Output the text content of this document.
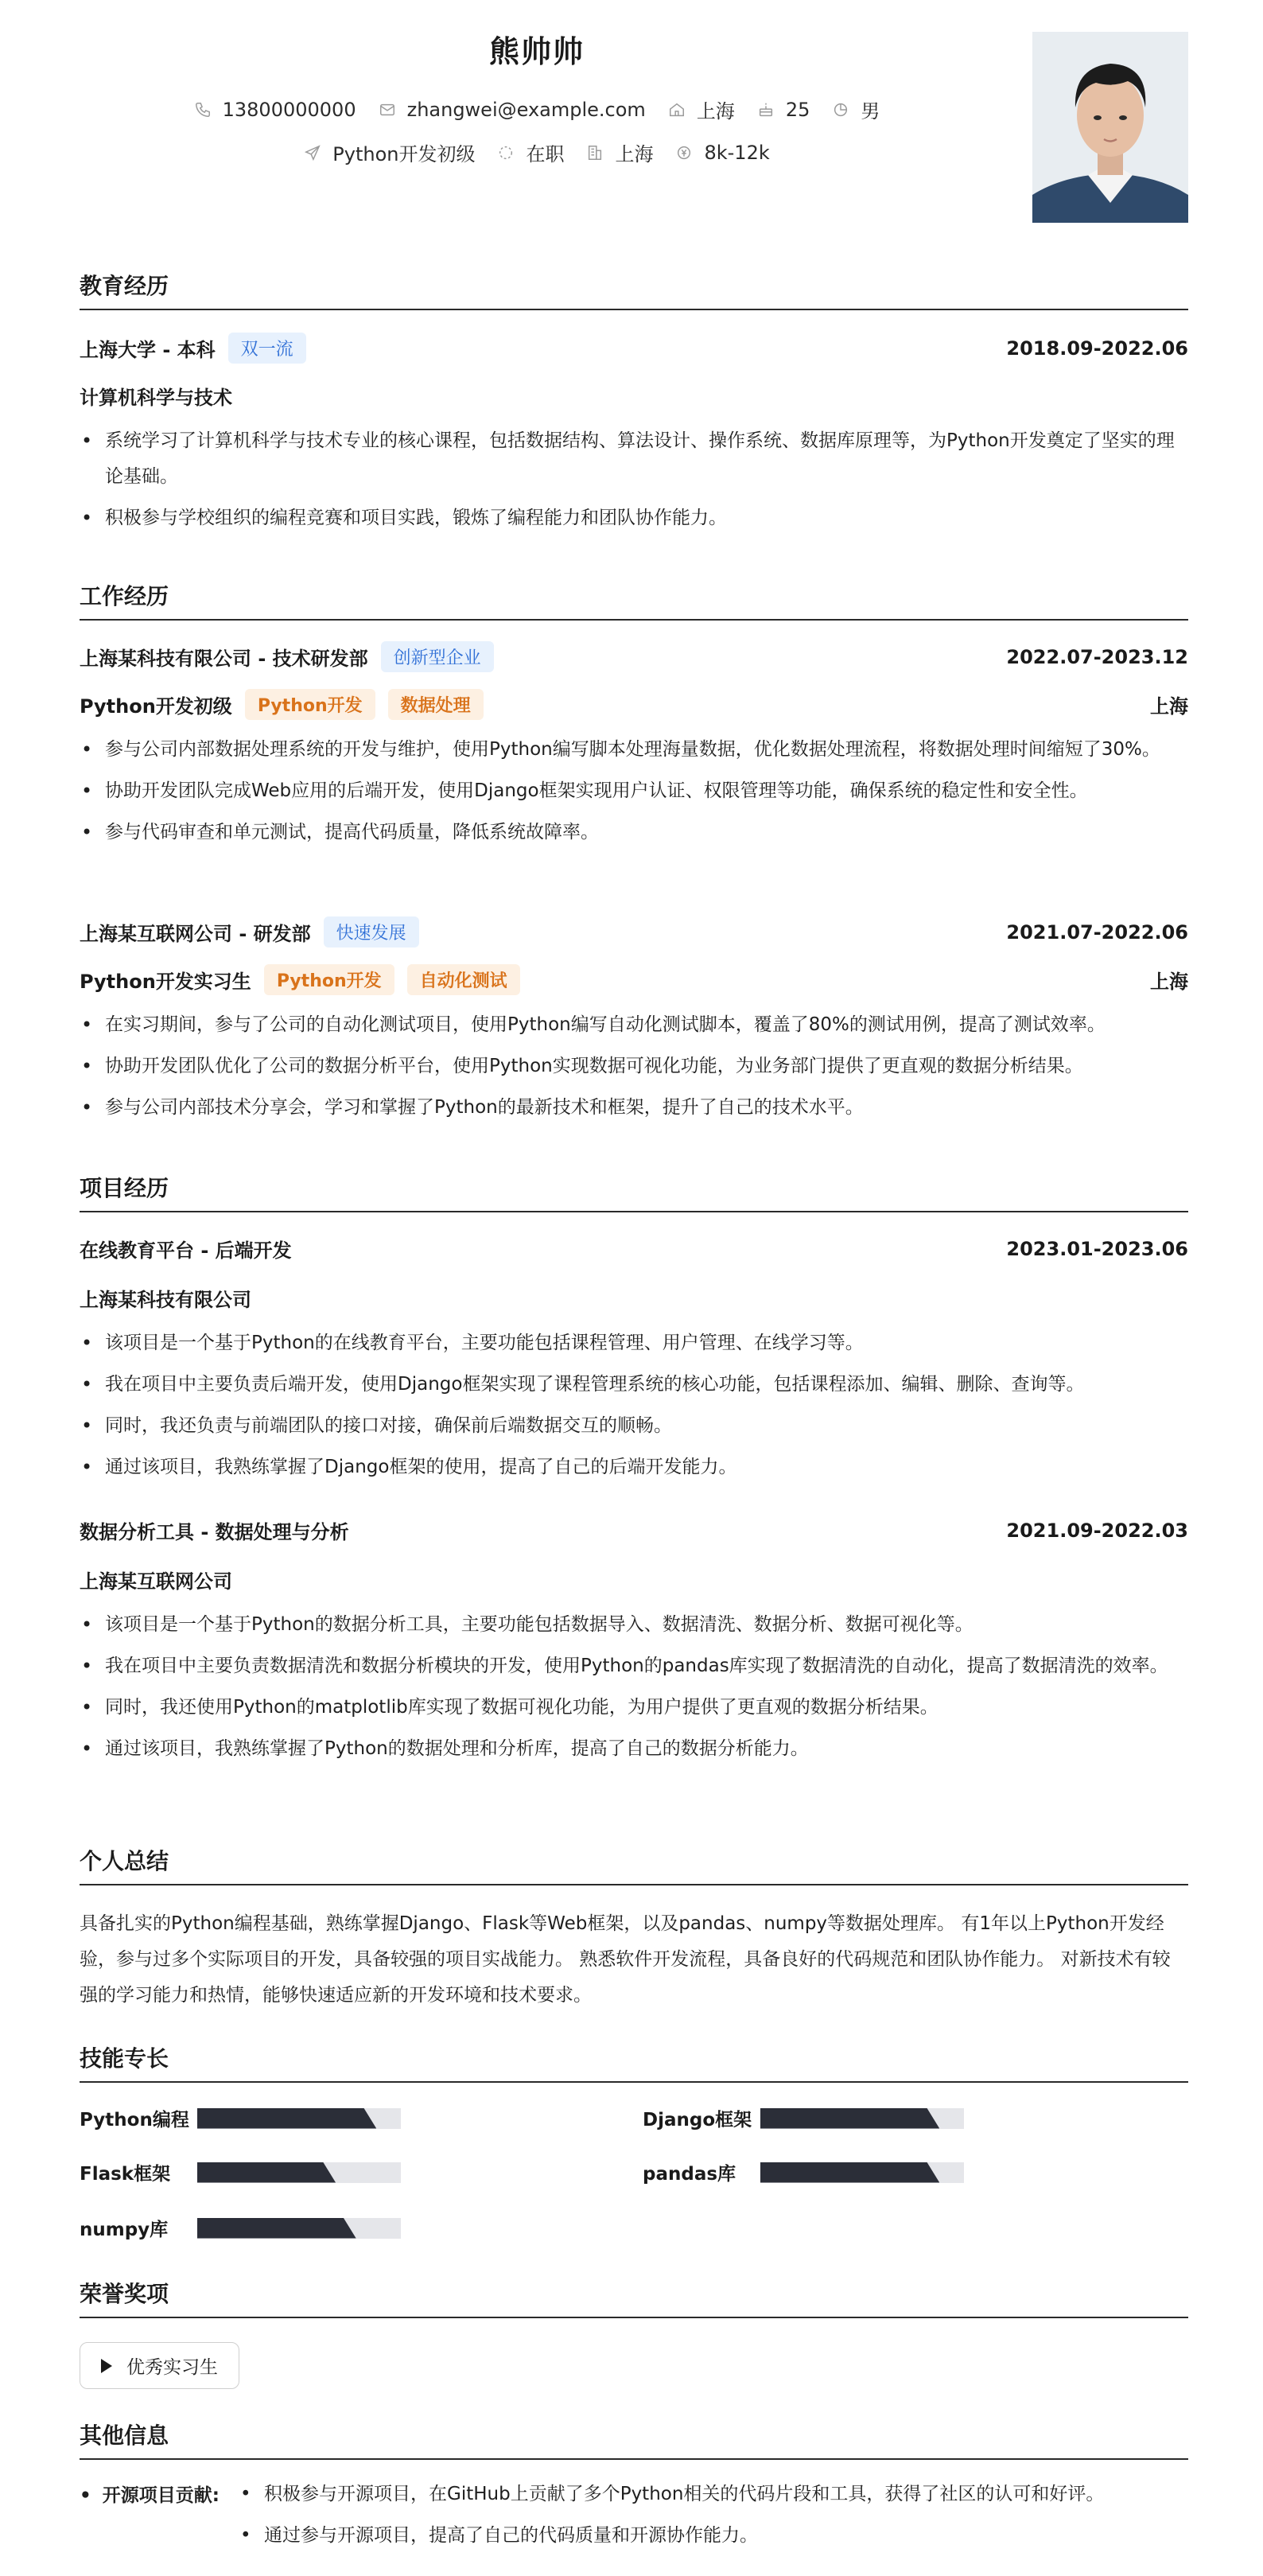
熊帅帅
13800000000	zhangwei@example.com	上海	25	男
Python开发初级	在职	上海	8k-12k
教育经历
上海大学 - 本科	双一流	2018.09-2022.06
计算机科学与技术
• 系统学习了计算机科学与技术专业的核心课程，包括数据结构、算法设计、操作系统、数据库原理等，为Python开发奠定了坚实的理论基础。
• 积极参与学校组织的编程竞赛和项目实践，锻炼了编程能力和团队协作能力。
工作经历
上海某科技有限公司 - 技术研发部	创新型企业	2022.07-2023.12
Python开发初级	Python开发	数据处理	上海
• 参与公司内部数据处理系统的开发与维护，使用Python编写脚本处理海量数据，优化数据处理流程，将数据处理时间缩短了30%。
• 协助开发团队完成Web应用的后端开发，使用Django框架实现用户认证、权限管理等功能，确保系统的稳定性和安全性。
• 参与代码审查和单元测试，提高代码质量，降低系统故障率。
上海某互联网公司 - 研发部	快速发展	2021.07-2022.06
Python开发实习生	Python开发	自动化测试	上海
• 在实习期间，参与了公司的自动化测试项目，使用Python编写自动化测试脚本，覆盖了80%的测试用例，提高了测试效率。
• 协助开发团队优化了公司的数据分析平台，使用Python实现数据可视化功能，为业务部门提供了更直观的数据分析结果。
• 参与公司内部技术分享会，学习和掌握了Python的最新技术和框架，提升了自己的技术水平。
项目经历
在线教育平台 - 后端开发	2023.01-2023.06
上海某科技有限公司
• 该项目是一个基于Python的在线教育平台，主要功能包括课程管理、用户管理、在线学习等。
• 我在项目中主要负责后端开发，使用Django框架实现了课程管理系统的核心功能，包括课程添加、编辑、删除、查询等。
• 同时，我还负责与前端团队的接口对接，确保前后端数据交互的顺畅。
• 通过该项目，我熟练掌握了Django框架的使用，提高了自己的后端开发能力。
数据分析工具 - 数据处理与分析	2021.09-2022.03
上海某互联网公司
• 该项目是一个基于Python的数据分析工具，主要功能包括数据导入、数据清洗、数据分析、数据可视化等。
• 我在项目中主要负责数据清洗和数据分析模块的开发，使用Python的pandas库实现了数据清洗的自动化，提高了数据清洗的效率。
• 同时，我还使用Python的matplotlib库实现了数据可视化功能，为用户提供了更直观的数据分析结果。
• 通过该项目，我熟练掌握了Python的数据处理和分析库，提高了自己的数据分析能力。
个人总结
具备扎实的Python编程基础，熟练掌握Django、Flask等Web框架，以及pandas、numpy等数据处理库。 有1年以上Python开发经验，参与过多个实际项目的开发，具备较强的项目实战能力。 熟悉软件开发流程，具备良好的代码规范和团队协作能力。 对新技术有较强的学习能力和热情，能够快速适应新的开发环境和技术要求。
技能专长
Python编程	Django框架
Flask框架	pandas库
numpy库
荣誉奖项
优秀实习生
其他信息
• 开源项目贡献:
•	积极参与开源项目，在GitHub上贡献了多个Python相关的代码片段和工具，获得了社区的认可和好评。
• 通过参与开源项目，提高了自己的代码质量和开源协作能力。
